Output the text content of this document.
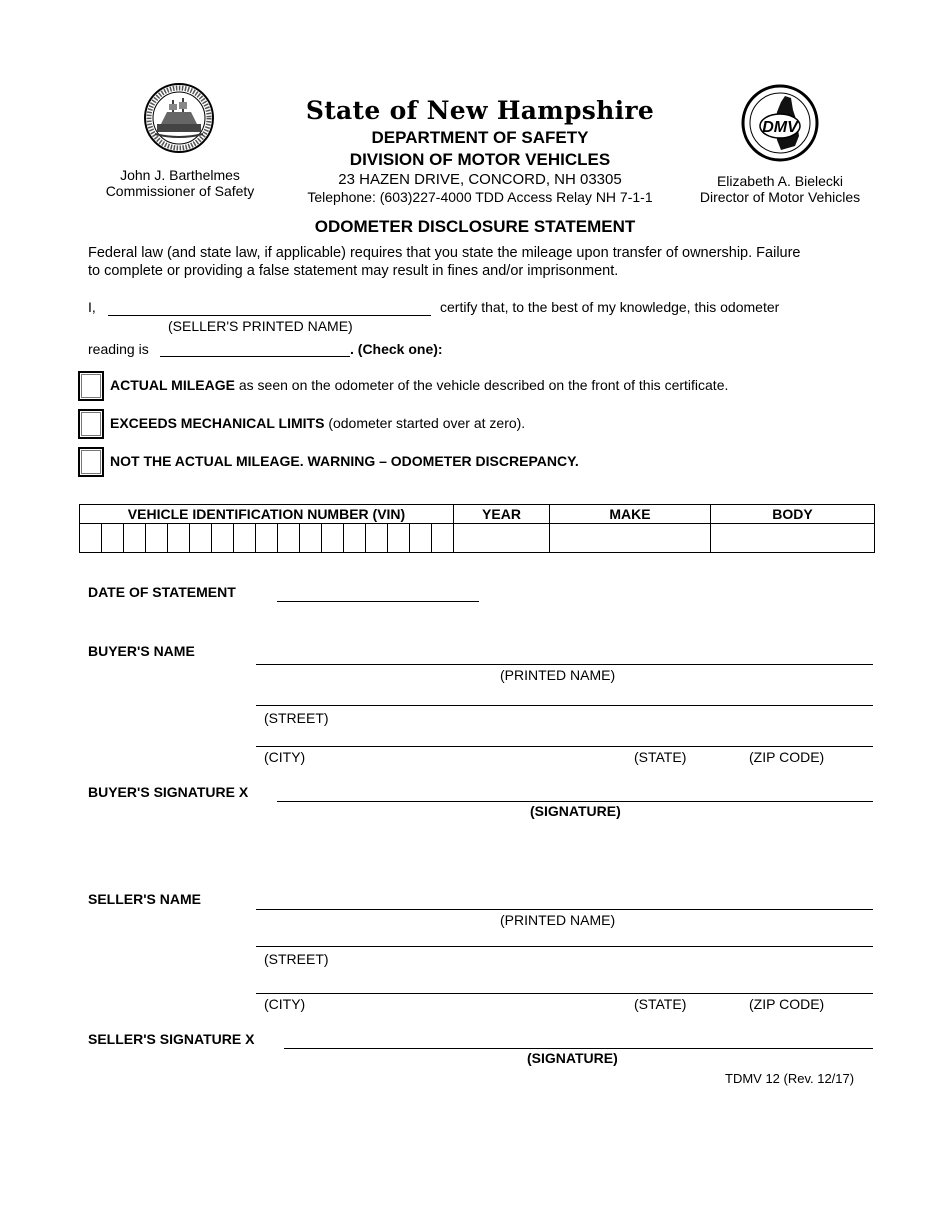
John J. Barthelmes
Commissioner of Safety
State of New Hampshire
DEPARTMENT OF SAFETY
DIVISION OF MOTOR VEHICLES
23 HAZEN DRIVE, CONCORD, NH 03305
Telephone: (603)227-4000 TDD Access Relay NH 7-1-1
DMV
Elizabeth A. Bielecki
Director of Motor Vehicles
ODOMETER DISCLOSURE STATEMENT
Federal law (and state law, if applicable) requires that you state the mileage upon transfer of ownership. Failure
to complete or providing a false statement may result in fines and/or imprisonment.
I,	certify that, to the best of my knowledge, this odometer
(SELLER'S PRINTED NAME)
reading is	. (Check one):
ACTUAL MILEAGE as seen on the odometer of the vehicle described on the front of this certificate.
EXCEEDS MECHANICAL LIMITS (odometer started over at zero).
NOT THE ACTUAL MILEAGE. WARNING – ODOMETER DISCREPANCY.
VEHICLE IDENTIFICATION NUMBER (VIN)	YEAR	MAKE	BODY

DATE OF STATEMENT
BUYER'S NAME
(PRINTED NAME)
(STREET)
(CITY)	(STATE)	(ZIP CODE)
BUYER'S SIGNATURE X
(SIGNATURE)
SELLER'S NAME
(PRINTED NAME)
(STREET)
(CITY)	(STATE)	(ZIP CODE)
SELLER'S SIGNATURE X
(SIGNATURE)
TDMV 12 (Rev. 12/17)
